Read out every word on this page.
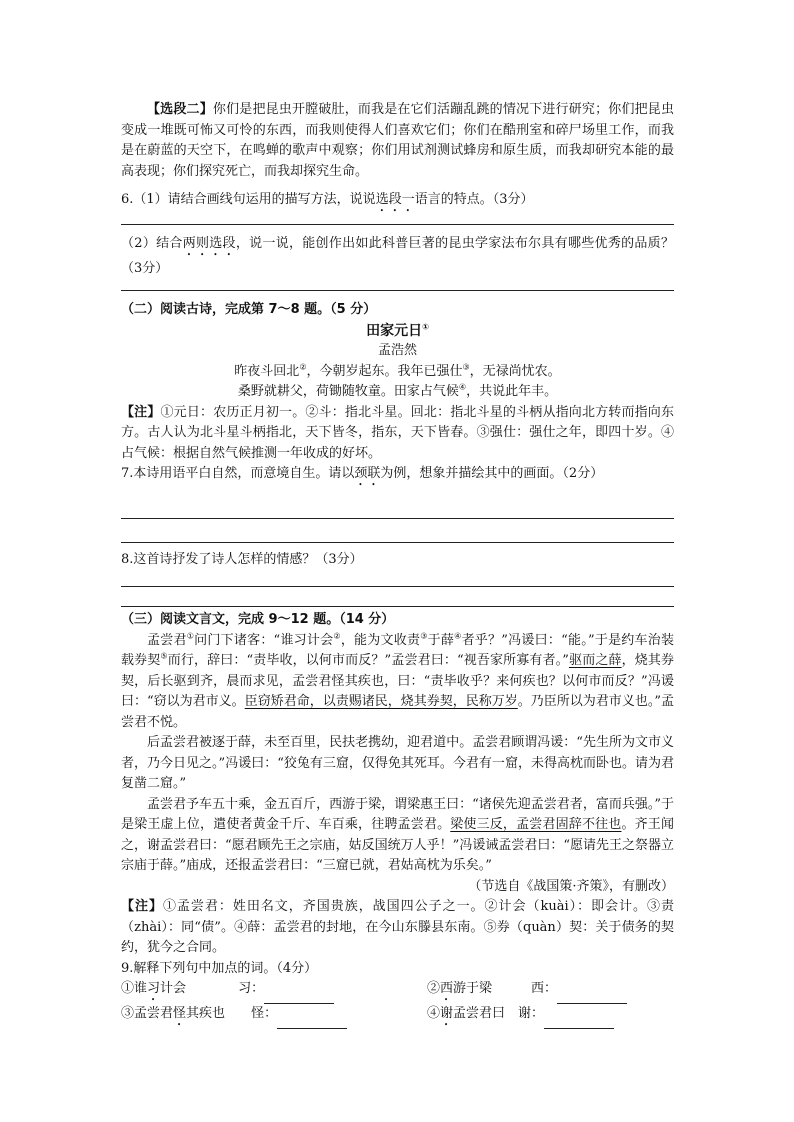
【选段二】你们是把昆虫开膛破肚，而我是在它们活蹦乱跳的情况下进行研究；你们把昆虫变成一堆既可怖又可怜的东西，而我则使得人们喜欢它们；你们在酷刑室和碎尸场里工作，而我是在蔚蓝的天空下，在鸣蝉的歌声中观察；你们用试剂测试蜂房和原生质，而我却研究本能的最高表现；你们探究死亡，而我却探究生命。

6.（1）请结合画线句运用的描写方法，说说选段一语言的特点。（3分）

（2）结合两则选段，说一说，能创作出如此科普巨著的昆虫学家法布尔具有哪些优秀的品质？（3分）

（二）阅读古诗，完成第 7～8 题。（5 分）

田家元日①

孟浩然

昨夜斗回北②，今朝岁起东。我年已强仕③，无禄尚忧农。

桑野就耕父，荷锄随牧童。田家占气候④，共说此年丰。

【注】①元日：农历正月初一。②斗：指北斗星。回北：指北斗星的斗柄从指向北方转而指向东方。古人认为北斗星斗柄指北，天下皆冬，指东，天下皆春。③强仕：强仕之年，即四十岁。④占气候：根据自然气候推测一年收成的好坏。

7.本诗用语平白自然，而意境自生。请以颈联为例，想象并描绘其中的画面。（2分）

8.这首诗抒发了诗人怎样的情感？（3分）

（三）阅读文言文，完成 9～12 题。（14 分）

孟尝君①问门下诸客：“谁习计会②，能为文收责③于薛④者乎？”冯谖曰：“能。”于是约车治装载券契⑤而行，辞曰：“责毕收，以何市而反？”孟尝君曰：“视吾家所寡有者。”驱而之薛，烧其券契，后长驱到齐，晨而求见，孟尝君怪其疾也，曰：“责毕收乎？来何疾也？以何市而反？”冯谖曰：“窃以为君市义。臣窃矫君命，以责赐诸民，烧其券契，民称万岁。乃臣所以为君市义也。”孟尝君不悦。

后孟尝君被逐于薛，未至百里，民扶老携幼，迎君道中。孟尝君顾谓冯谖：“先生所为文市义者，乃今日见之。”冯谖曰：“狡兔有三窟，仅得免其死耳。今君有一窟，未得高枕而卧也。请为君复凿二窟。”

孟尝君予车五十乘，金五百斤，西游于梁，谓梁惠王曰：“诸侯先迎孟尝君者，富而兵强。”于是梁王虚上位，遣使者黄金千斤、车百乘，往聘孟尝君。梁使三反，孟尝君固辞不往也。齐王闻之，谢孟尝君曰：“愿君顾先王之宗庙，姑反国统万人乎！”冯谖诫孟尝君曰：“愿请先王之祭器立宗庙于薛。”庙成，还报孟尝君曰：“三窟已就，君姑高枕为乐矣。”

（节选自《战国策·齐策》，有删改）

【注】①孟尝君：姓田名文，齐国贵族，战国四公子之一。②计会（kuài）：即会计。③责（zhài）：同“债”。④薛：孟尝君的封地，在今山东滕县东南。⑤券（quàn）契：关于债务的契约，犹今之合同。

9.解释下列句中加点的词。（4分）

①谁习计会    	习：	②西游于梁   	西：
③孟尝君怪其疾也   怪：	④谢孟尝君曰  谢：
